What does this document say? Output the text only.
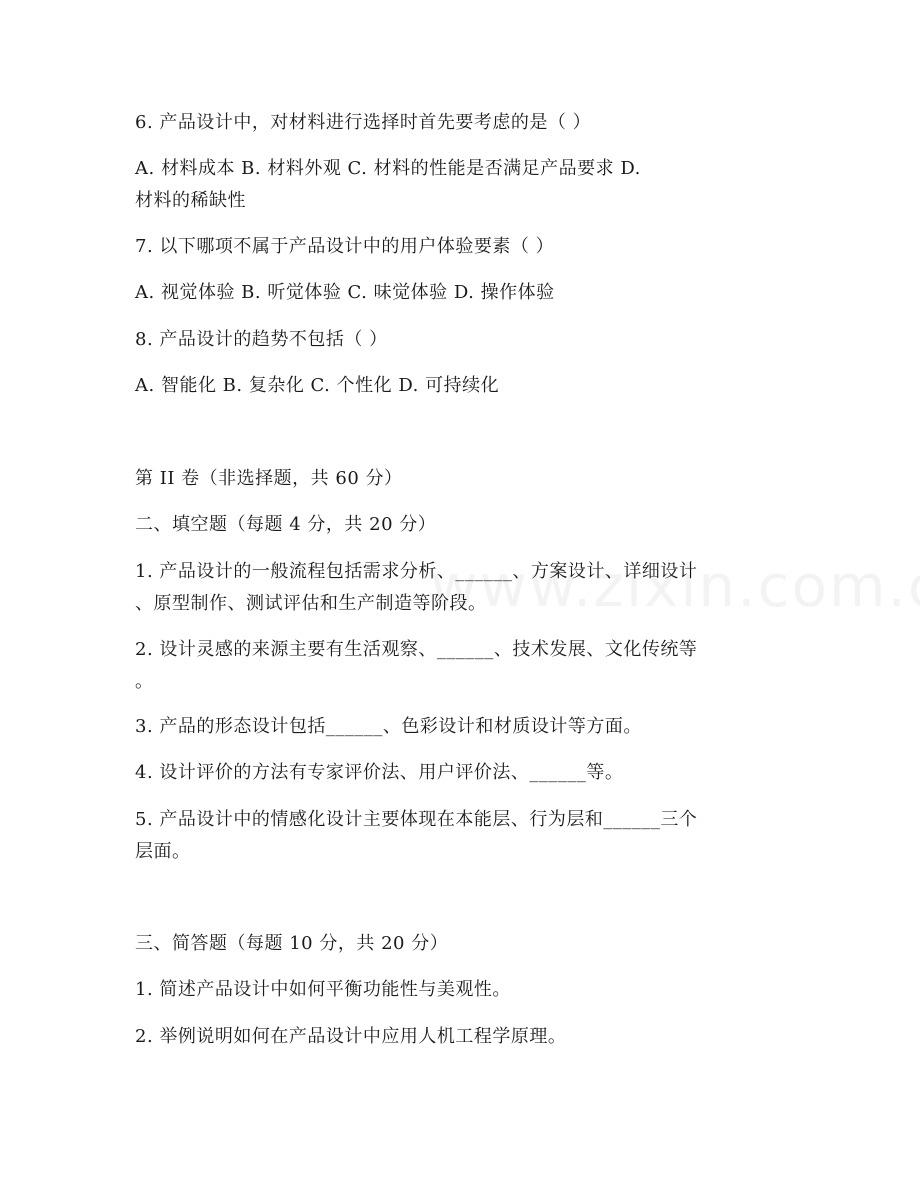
6. 产品设计中，对材料进行选择时首先要考虑的是（ ）
A. 材料成本 B. 材料外观 C. 材料的性能是否满足产品要求 D.
材料的稀缺性
7. 以下哪项不属于产品设计中的用户体验要素（ ）
A. 视觉体验 B. 听觉体验 C. 味觉体验 D. 操作体验
8. 产品设计的趋势不包括（ ）
A. 智能化 B. 复杂化 C. 个性化 D. 可持续化
第 II 卷（非选择题，共 60 分）
二、填空题（每题 4 分，共 20 分）
1. 产品设计的一般流程包括需求分析、______、方案设计、详细设计
、原型制作、测试评估和生产制造等阶段。
2. 设计灵感的来源主要有生活观察、______、技术发展、文化传统等
。
3. 产品的形态设计包括______、色彩设计和材质设计等方面。
4. 设计评价的方法有专家评价法、用户评价法、______等。
5. 产品设计中的情感化设计主要体现在本能层、行为层和______三个
层面。
三、简答题（每题 10 分，共 20 分）
1. 简述产品设计中如何平衡功能性与美观性。
2. 举例说明如何在产品设计中应用人机工程学原理。
